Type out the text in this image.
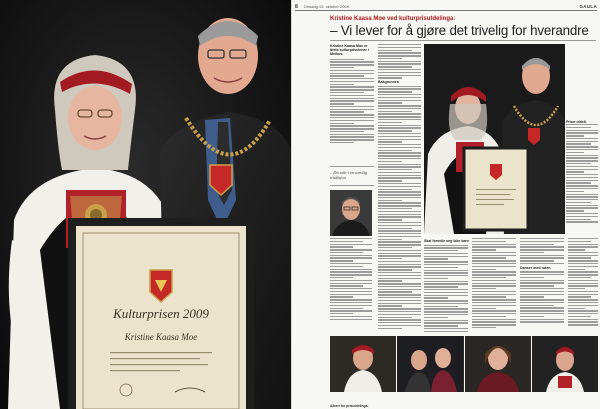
Kulturprisen 2009
Kristine Kaasa Moe
8 Onsdag 10. oktober 2009	GAULA
Kristine Kaasa Moe ved kulturprisutdelinga:
– Vi lever for å gjøre det trivelig for hverandre
Kristine Kaasa Moe er årets kulturprisvinner i Melhus.
– Du står i en utrolig tradisjon
Bakgrunnen
Priser utdelt.
Skal forsvile seg ikke bare
Danser med ruten
Albert for prisutdelinga.
